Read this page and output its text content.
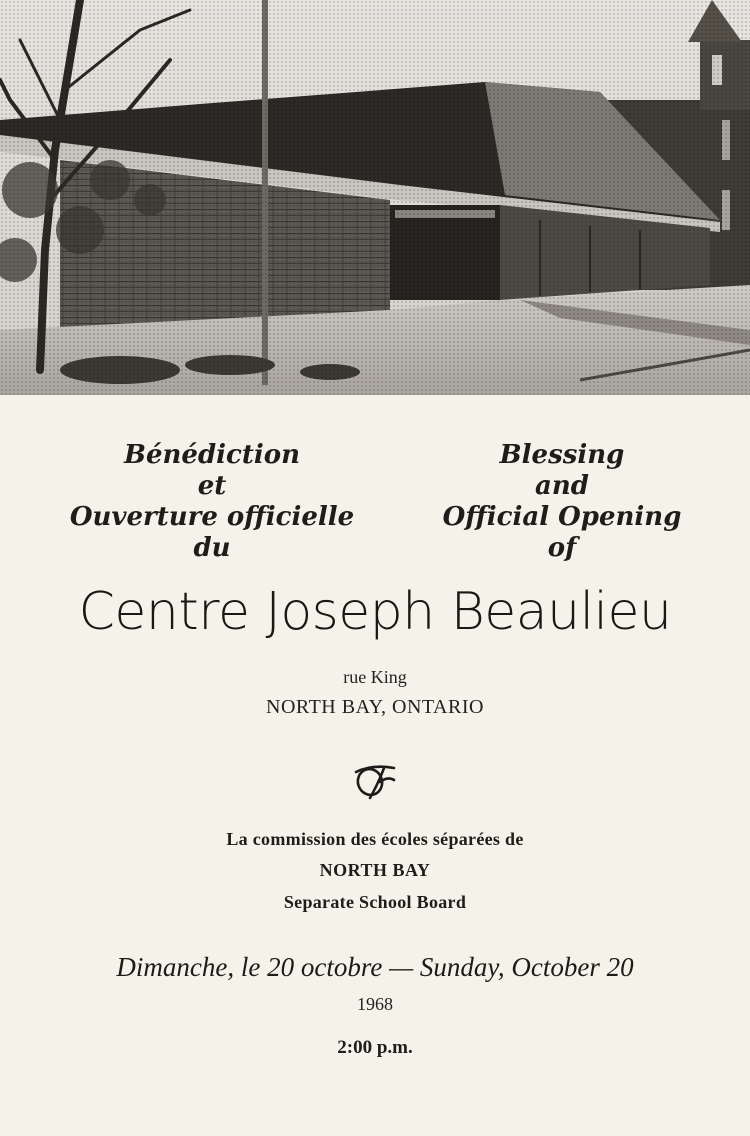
Bénédiction
et
Ouverture officielle
du
Blessing
and
Official Opening
of
Centre Joseph Beaulieu
rue King
NORTH BAY, ONTARIO
La commission des écoles séparées de
NORTH BAY
Separate School Board
Dimanche, le 20 octobre — Sunday, October 20
1968
2:00 p.m.
